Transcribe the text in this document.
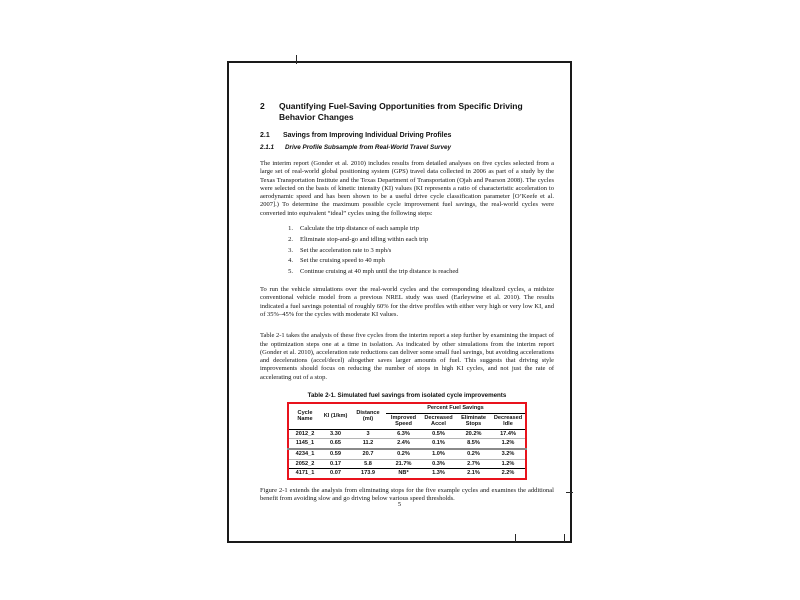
2	Quantifying Fuel-Saving Opportunities from Specific Driving Behavior Changes
2.1	Savings from Improving Individual Driving Profiles
2.1.1	Drive Profile Subsample from Real-World Travel Survey

The interim report (Gonder et al. 2010) includes results from detailed analyses on five cycles selected from a large set of real-world global positioning system (GPS) travel data collected in 2006 as part of a study by the Texas Transportation Institute and the Texas Department of Transportation (Ojah and Pearson 2008). The cycles were selected on the basis of kinetic intensity (KI) values (KI represents a ratio of characteristic acceleration to aerodynamic speed and has been shown to be a useful drive cycle classification parameter [O’Keefe et al. 2007].) To determine the maximum possible cycle improvement fuel savings, the real-world cycles were converted into equivalent “ideal” cycles using the following steps:

1. Calculate the trip distance of each sample trip
2. Eliminate stop-and-go and idling within each trip
3. Set the acceleration rate to 3 mph/s
4. Set the cruising speed to 40 mph
5. Continue cruising at 40 mph until the trip distance is reached

To run the vehicle simulations over the real-world cycles and the corresponding idealized cycles, a midsize conventional vehicle model from a previous NREL study was used (Earleywine et al. 2010). The results indicated a fuel savings potential of roughly 60% for the drive profiles with either very high or very low KI, and of 35%–45% for the cycles with moderate KI values.

Table 2-1 takes the analysis of these five cycles from the interim report a step further by examining the impact of the optimization steps one at a time in isolation. As indicated by other simulations from the interim report (Gonder et al. 2010), acceleration rate reductions can deliver some small fuel savings, but avoiding accelerations and decelerations (accel/decel) altogether saves larger amounts of fuel. This suggests that driving style improvements should focus on reducing the number of stops in high KI cycles, and not just the rate of accelerating out of a stop.

Table 2-1. Simulated fuel savings from isolated cycle improvements
Cycle Name	KI (1/km)	Distance (mi)	Percent Fuel Savings			
			Improved Speed	Decreased Accel	Eliminate Stops	Decreased Idle
2012_2	3.30	3	6.3%	0.5%	20.2%	17.4%
1145_1	0.65	11.2	2.4%	0.1%	8.5%	1.2%
4234_1	0.59	20.7	0.2%	1.0%	0.2%	3.2%
2052_2	0.17	5.8	21.7%	0.3%	2.7%	1.2%
4171_1	0.07	173.9	NB*	1.3%	2.1%	2.2%

Figure 2-1 extends the analysis from eliminating stops for the five example cycles and examines the additional benefit from avoiding slow and go driving below various speed thresholds.

5
